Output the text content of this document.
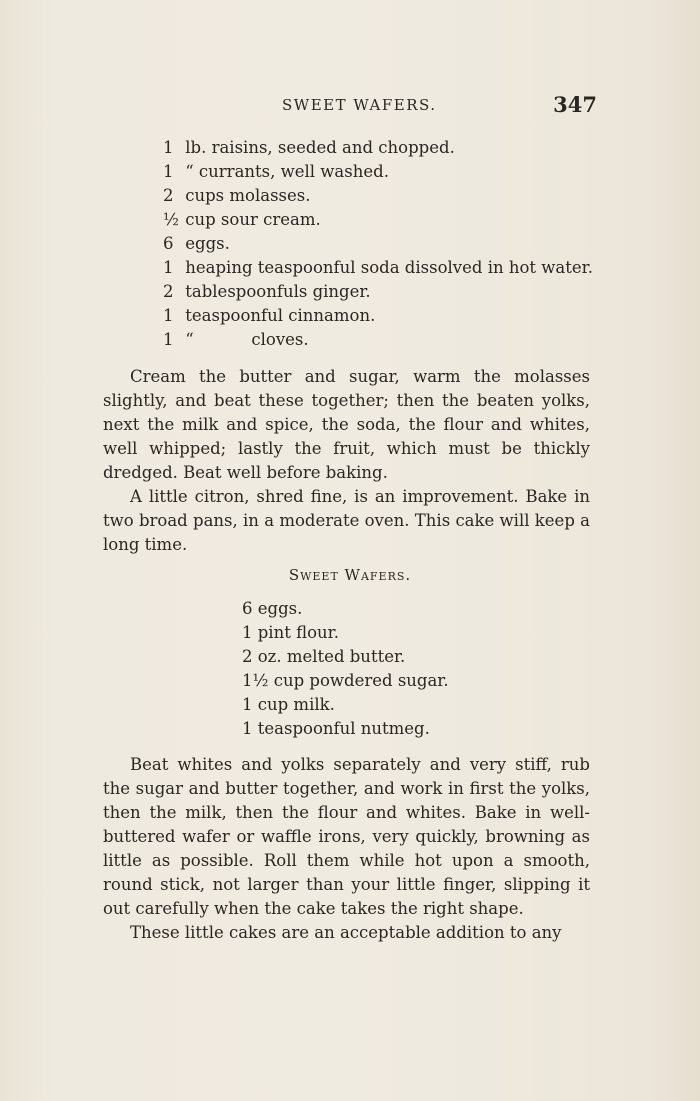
SWEET WAFERS.	347
1 lb. raisins, seeded and chopped.
1 “ currants, well washed.
2 cups molasses.
½ cup sour cream.
6 eggs.
1 heaping teaspoonful soda dissolved in hot water.
2 tablespoonfuls ginger.
1 teaspoonful cinnamon.
1 “           cloves.

Cream the butter and sugar, warm the molasses slightly, and beat these together; then the beaten yolks, next the milk and spice, the soda, the flour and whites, well whipped; lastly the fruit, which must be thickly dredged. Beat well before baking.

A little citron, shred fine, is an improvement. Bake in two broad pans, in a moderate oven. This cake will keep a long time.

Sweet Wafers.
6 eggs.
1 pint flour.
2 oz. melted butter.
1½ cup powdered sugar.
1 cup milk.
1 teaspoonful nutmeg.

Beat whites and yolks separately and very stiff, rub the sugar and butter together, and work in first the yolks, then the milk, then the flour and whites. Bake in well-buttered wafer or waffle irons, very quickly, browning as little as possible. Roll them while hot upon a smooth, round stick, not larger than your little finger, slipping it out carefully when the cake takes the right shape.

These little cakes are an acceptable addition to any
